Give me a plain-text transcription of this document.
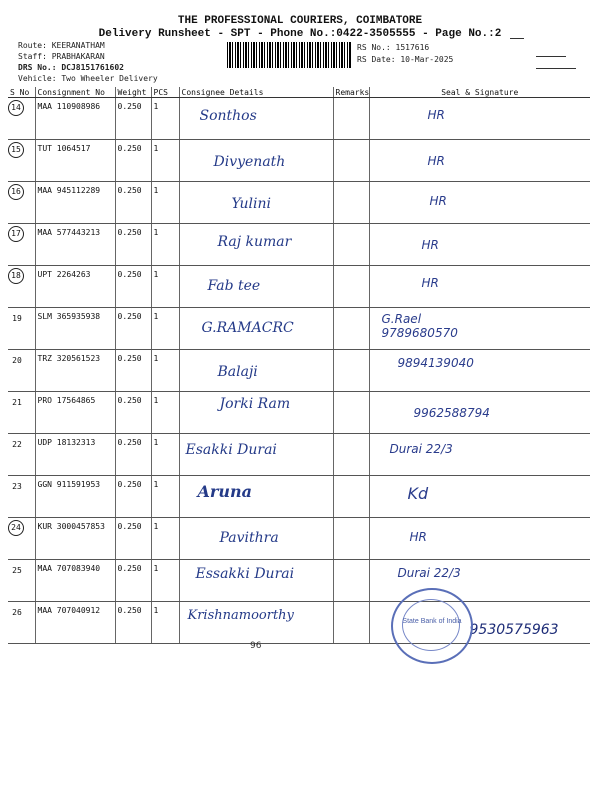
THE PROFESSIONAL COURIERS, COIMBATORE
Delivery Runsheet - SPT - Phone No.:0422-3505555 - Page No.:2
Route: KEERANATHAM
Staff: PRABHAKARAN
DRS No.: DCJ8151761602
Vehicle: Two Wheeler Delivery
RS No.: 1517616
RS Date: 10-Mar-2025
S No	Consignment No	Weight	PCS	Consignee Details	Remarks	Seal & Signature
14	MAA 110908986	0.250	1	Sonthos		HR

15	TUT 1064517	0.250	1	Divyenath		HR

16	MAA 945112289	0.250	1	Yulini		HR

17	MAA 577443213	0.250	1	Raj kumar		HR

18	UPT 2264263	0.250	1	Fab tee		HR

19	SLM 365935938	0.250	1	G.RAMACRC		G.Rael 9789680570

20	TRZ 320561523	0.250	1	Balaji		9894139040

21	PRO 17564865	0.250	1	Jorki Ram		9962588794

22	UDP 18132313	0.250	1	Esakki Durai		Durai 22/3

23	GGN 911591953	0.250	1	Aruna		Kd

24	KUR 3000457853	0.250	1	Pavithra		HR

25	MAA 707083940	0.250	1	Essakki Durai		Durai 22/3

26	MAA 707040912	0.250	1	Krishnamoorthy		9530575963
State Bank of India
96
